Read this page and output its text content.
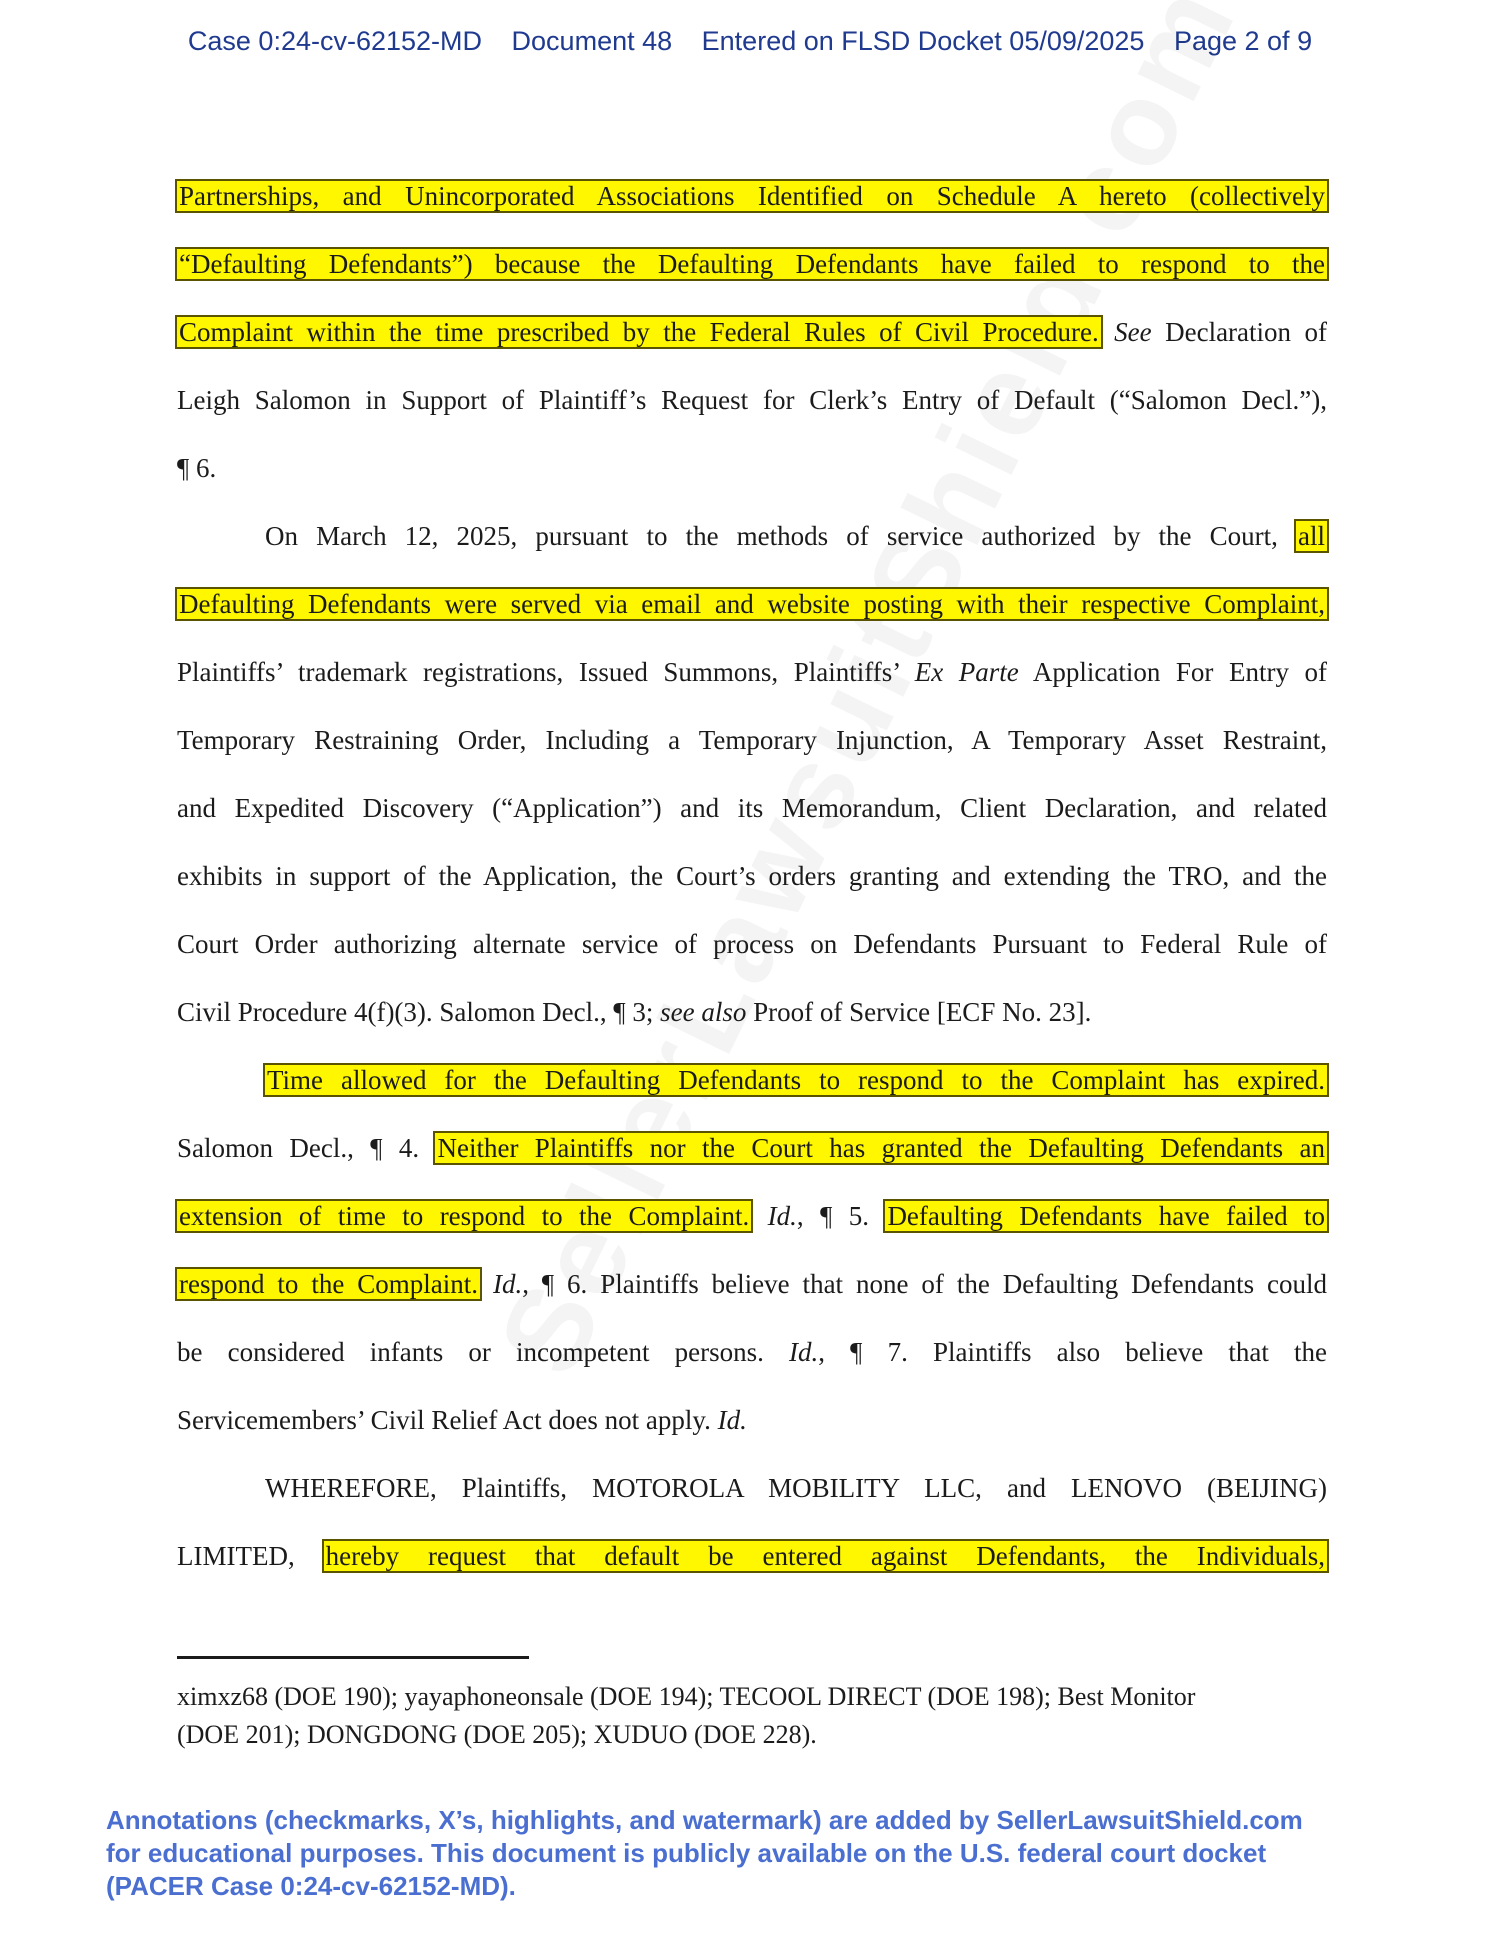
Case 0:24-cv-62152-MD Document 48 Entered on FLSD Docket 05/09/2025 Page 2 of 9
Partnerships, and Unincorporated Associations Identified on Schedule A hereto (collectively
“Defaulting Defendants”) because the Defaulting Defendants have failed to respond to the
Complaint within the time prescribed by the Federal Rules of Civil Procedure. See Declaration of
Leigh Salomon in Support of Plaintiff’s Request for Clerk’s Entry of Default (“Salomon Decl.”),
¶ 6.
On March 12, 2025, pursuant to the methods of service authorized by the Court, all
Defaulting Defendants were served via email and website posting with their respective Complaint,
Plaintiffs’ trademark registrations, Issued Summons, Plaintiffs’ Ex Parte Application For Entry of
Temporary Restraining Order, Including a Temporary Injunction, A Temporary Asset Restraint,
and Expedited Discovery (“Application”) and its Memorandum, Client Declaration, and related
exhibits in support of the Application, the Court’s orders granting and extending the TRO, and the
Court Order authorizing alternate service of process on Defendants Pursuant to Federal Rule of
Civil Procedure 4(f)(3). Salomon Decl., ¶ 3; see also Proof of Service [ECF No. 23].
Time allowed for the Defaulting Defendants to respond to the Complaint has expired.
Salomon Decl., ¶ 4. Neither Plaintiffs nor the Court has granted the Defaulting Defendants an
extension of time to respond to the Complaint. Id., ¶ 5. Defaulting Defendants have failed to
respond to the Complaint. Id., ¶ 6. Plaintiffs believe that none of the Defaulting Defendants could
be considered infants or incompetent persons. Id., ¶ 7. Plaintiffs also believe that the
Servicemembers’ Civil Relief Act does not apply. Id.
WHEREFORE, Plaintiffs, MOTOROLA MOBILITY LLC, and LENOVO (BEIJING)
LIMITED, hereby request that default be entered against Defendants, the Individuals,
ximxz68 (DOE 190); yayaphoneonsale (DOE 194); TECOOL DIRECT (DOE 198); Best Monitor
(DOE 201); DONGDONG (DOE 205); XUDUO (DOE 228).
Annotations (checkmarks, X’s, highlights, and watermark) are added by SellerLawsuitShield.com
for educational purposes. This document is publicly available on the U.S. federal court docket
(PACER Case 0:24-cv-62152-MD).
